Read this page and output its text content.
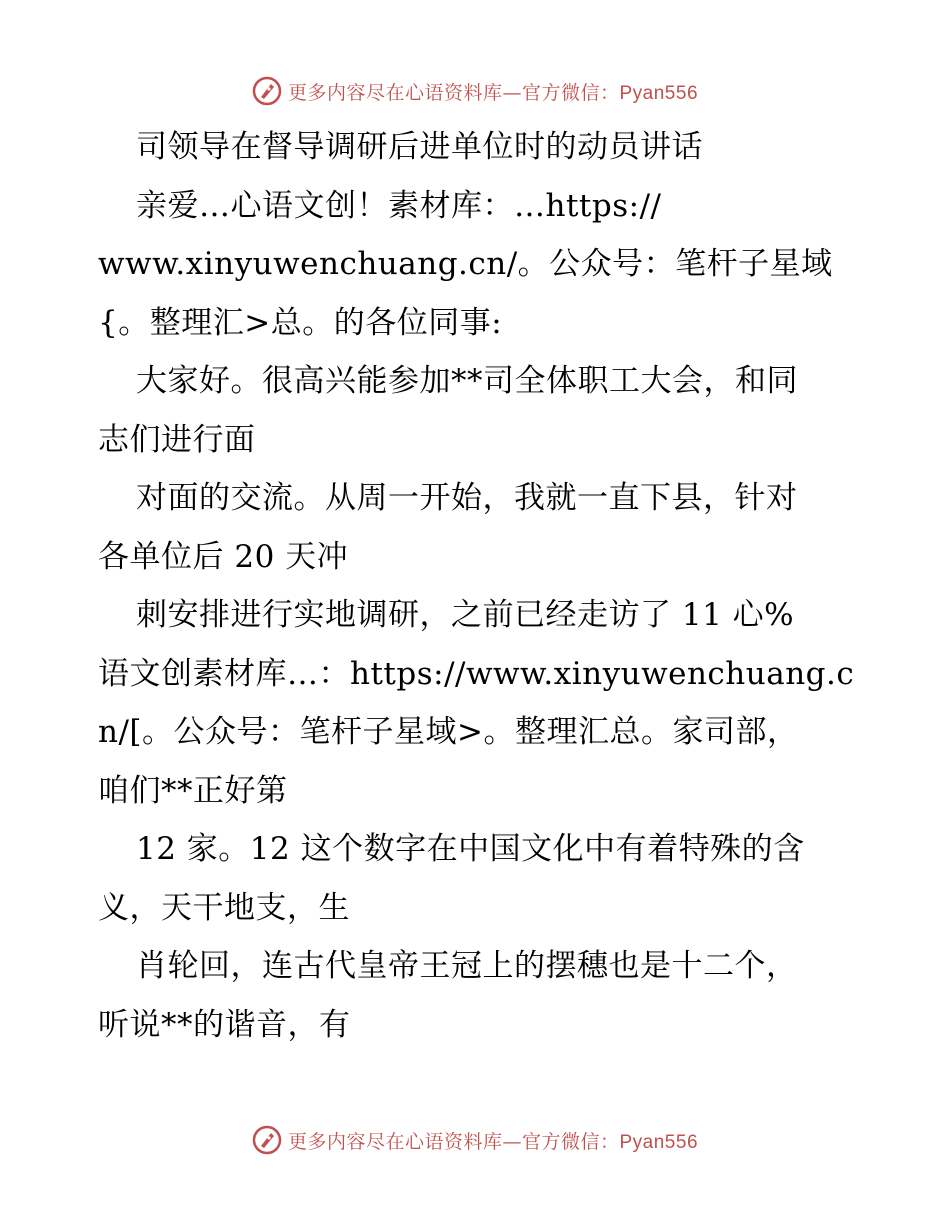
更多内容尽在心语资料库—官方微信：Pyan556
司领导在督导调研后进单位时的动员讲话
亲爱…心语文创！素材库：…https://
www.xinyuwenchuang.cn/。公众号：笔杆子星域
{。整理汇>总。的各位同事:
大家好。很高兴能参加**司全体职工大会，和同
志们进行面
对面的交流。从周一开始，我就一直下县，针对
各单位后 20 天冲
刺安排进行实地调研，之前已经走访了 11 心%
语文创素材库…：https://www.xinyuwenchuang.c
n/[。公众号：笔杆子星域>。整理汇总。家司部，
咱们**正好第
12 家。12 这个数字在中国文化中有着特殊的含
义，天干地支，生
肖轮回，连古代皇帝王冠上的摆穗也是十二个，
听说**的谐音，有
更多内容尽在心语资料库—官方微信：Pyan556
